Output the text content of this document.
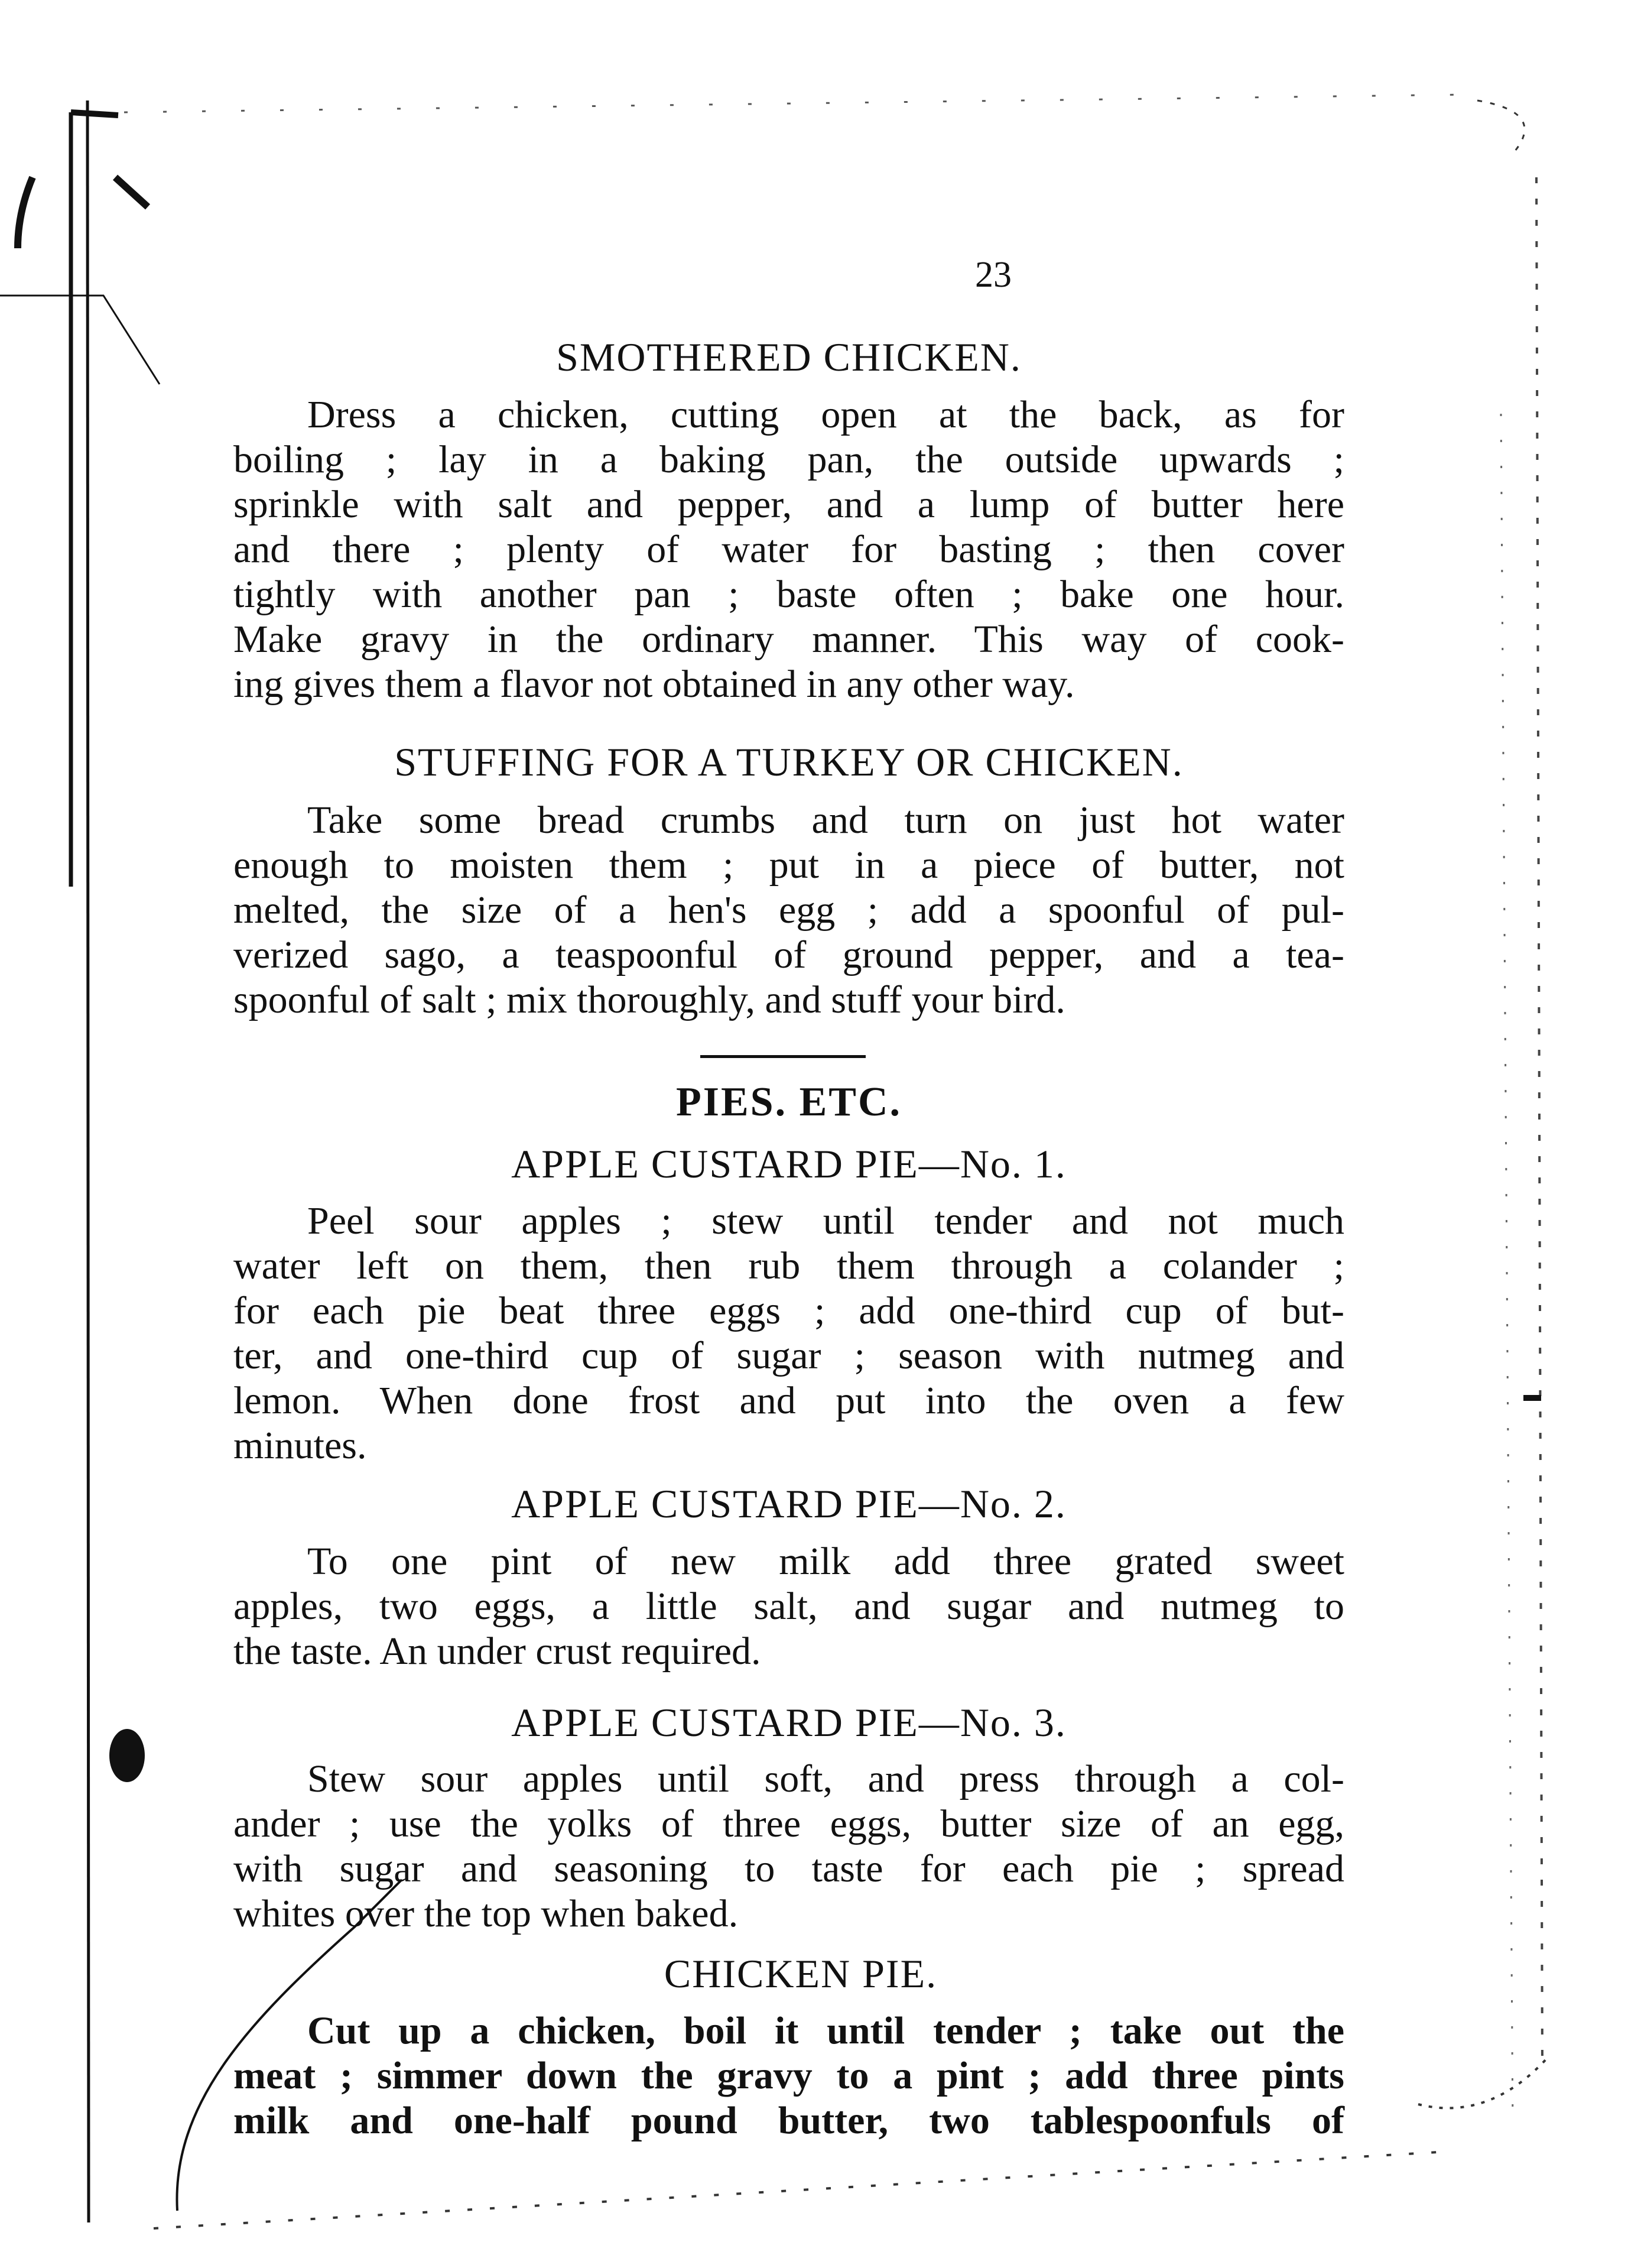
23
SMOTHERED CHICKEN.
Dress a chicken, cutting open at the back, as for
boiling ; lay in a baking pan, the outside upwards ;
sprinkle with salt and pepper, and a lump of butter here
and there ; plenty of water for basting ; then cover
tightly with another pan ; baste often ; bake one hour.
Make gravy in the ordinary manner. This way of cook-
ing gives them a flavor not obtained in any other way.
STUFFING FOR A TURKEY OR CHICKEN.
Take some bread crumbs and turn on just hot water
enough to moisten them ; put in a piece of butter, not
melted, the size of a hen's egg ; add a spoonful of pul-
verized sago, a teaspoonful of ground pepper, and a tea-
spoonful of salt ; mix thoroughly, and stuff your bird.
PIES. ETC.
APPLE CUSTARD PIE—No. 1.
Peel sour apples ; stew until tender and not much
water left on them, then rub them through a colander ;
for each pie beat three eggs ; add one-third cup of but-
ter, and one-third cup of sugar ; season with nutmeg and
lemon. When done frost and put into the oven a few
minutes.
APPLE CUSTARD PIE—No. 2.
To one pint of new milk add three grated sweet
apples, two eggs, a little salt, and sugar and nutmeg to
the taste. An under crust required.
APPLE CUSTARD PIE—No. 3.
Stew sour apples until soft, and press through a col-
ander ; use the yolks of three eggs, butter size of an egg,
with sugar and seasoning to taste for each pie ; spread
whites over the top when baked.
CHICKEN PIE.
Cut up a chicken, boil it until tender ; take out the
meat ; simmer down the gravy to a pint ; add three pints
milk and one-half pound butter, two tablespoonfuls of
